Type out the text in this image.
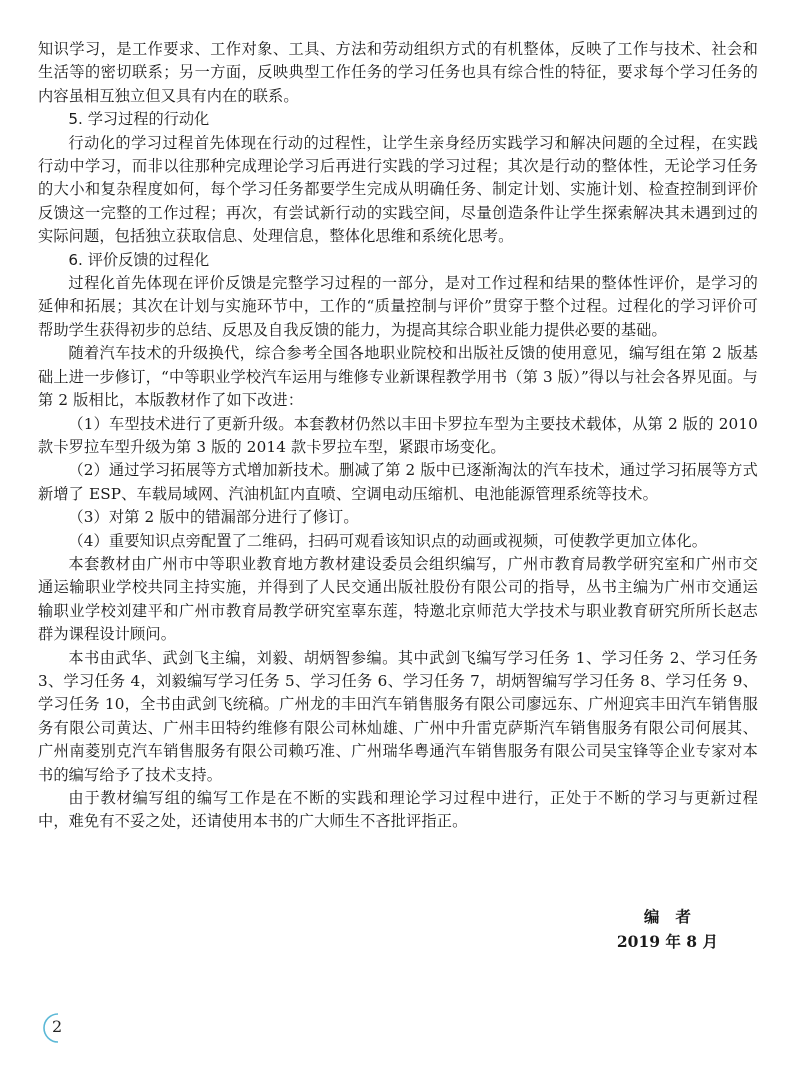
知识学习，是工作要求、工作对象、工具、方法和劳动组织方式的有机整体，反映了工作与技术、社会和生活等的密切联系；另一方面，反映典型工作任务的学习任务也具有综合性的特征，要求每个学习任务的内容虽相互独立但又具有内在的联系。

5. 学习过程的行动化

行动化的学习过程首先体现在行动的过程性，让学生亲身经历实践学习和解决问题的全过程，在实践行动中学习，而非以往那种完成理论学习后再进行实践的学习过程；其次是行动的整体性，无论学习任务的大小和复杂程度如何，每个学习任务都要学生完成从明确任务、制定计划、实施计划、检查控制到评价反馈这一完整的工作过程；再次，有尝试新行动的实践空间，尽量创造条件让学生探索解决其未遇到过的实际问题，包括独立获取信息、处理信息，整体化思维和系统化思考。

6. 评价反馈的过程化

过程化首先体现在评价反馈是完整学习过程的一部分，是对工作过程和结果的整体性评价，是学习的延伸和拓展；其次在计划与实施环节中，工作的“质量控制与评价”贯穿于整个过程。过程化的学习评价可帮助学生获得初步的总结、反思及自我反馈的能力，为提高其综合职业能力提供必要的基础。

随着汽车技术的升级换代，综合参考全国各地职业院校和出版社反馈的使用意见，编写组在第 2 版基础上进一步修订，“中等职业学校汽车运用与维修专业新课程教学用书（第 3 版）”得以与社会各界见面。与第 2 版相比，本版教材作了如下改进：

（1）车型技术进行了更新升级。本套教材仍然以丰田卡罗拉车型为主要技术载体，从第 2 版的 2010 款卡罗拉车型升级为第 3 版的 2014 款卡罗拉车型，紧跟市场变化。

（2）通过学习拓展等方式增加新技术。删减了第 2 版中已逐渐淘汰的汽车技术，通过学习拓展等方式新增了 ESP、车载局域网、汽油机缸内直喷、空调电动压缩机、电池能源管理系统等技术。

（3）对第 2 版中的错漏部分进行了修订。

（4）重要知识点旁配置了二维码，扫码可观看该知识点的动画或视频，可使教学更加立体化。

本套教材由广州市中等职业教育地方教材建设委员会组织编写，广州市教育局教学研究室和广州市交通运输职业学校共同主持实施，并得到了人民交通出版社股份有限公司的指导，丛书主编为广州市交通运输职业学校刘建平和广州市教育局教学研究室辜东莲，特邀北京师范大学技术与职业教育研究所所长赵志群为课程设计顾问。

本书由武华、武剑飞主编，刘毅、胡炳智参编。其中武剑飞编写学习任务 1、学习任务 2、学习任务 3、学习任务 4，刘毅编写学习任务 5、学习任务 6、学习任务 7，胡炳智编写学习任务 8、学习任务 9、学习任务 10，全书由武剑飞统稿。广州龙的丰田汽车销售服务有限公司廖远东、广州迎宾丰田汽车销售服务有限公司黄达、广州丰田特约维修有限公司林灿雄、广州中升雷克萨斯汽车销售服务有限公司何展其、广州南菱别克汽车销售服务有限公司赖巧准、广州瑞华粤通汽车销售服务有限公司吴宝锋等企业专家对本书的编写给予了技术支持。

由于教材编写组的编写工作是在不断的实践和理论学习过程中进行，正处于不断的学习与更新过程中，难免有不妥之处，还请使用本书的广大师生不吝批评指正。

编者
2019 年 8 月
2
